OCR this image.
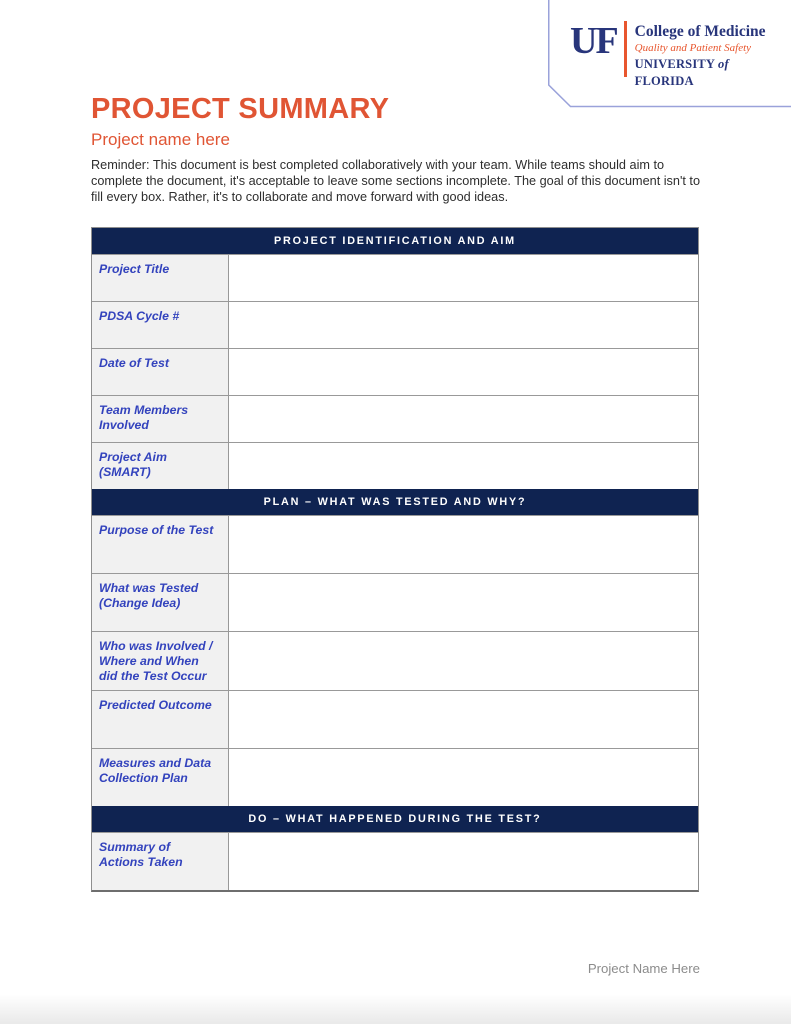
UF College of Medicine
Quality and Patient Safety
UNIVERSITY of FLORIDA
PROJECT SUMMARY
Project name here
Reminder: This document is best completed collaboratively with your team. While teams should aim to complete the document, it's acceptable to leave some sections incomplete. The goal of this document isn't to fill every box. Rather, it's to collaborate and move forward with good ideas.
PROJECT IDENTIFICATION AND AIM
Project Title
PDSA Cycle #
Date of Test
Team Members Involved
Project Aim (SMART)
PLAN – WHAT WAS TESTED AND WHY?
Purpose of the Test
What was Tested (Change Idea)
Who was Involved / Where and When did the Test Occur
Predicted Outcome
Measures and Data Collection Plan
DO – WHAT HAPPENED DURING THE TEST?
Summary of Actions Taken
Project Name Here
